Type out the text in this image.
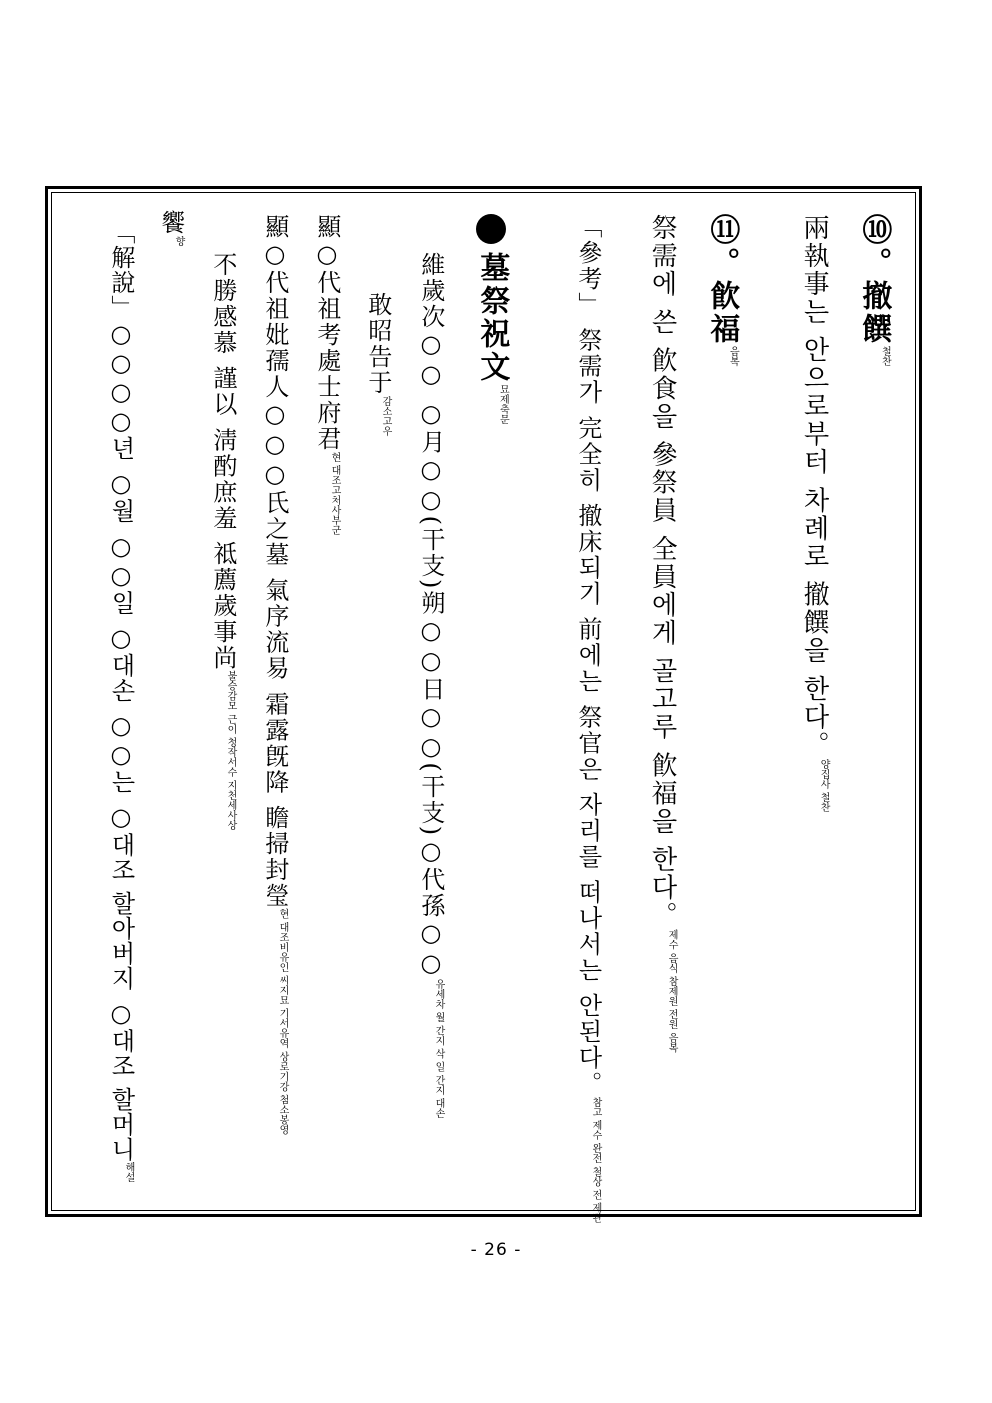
⑩。撤饌$^{철찬}$
兩執事는 안으로부터 차례로 撤饌을 한다。$^{양집사 철찬}$
⑪。飮福$^{음복}$
祭需에 쓴 飮食을 參祭員 全員에게 골고루 飮福을 한다。$^{제수 음식 참제원 전원 음복}$
「參考」 祭需가 完全히 撤床되기 前에는 祭官은 자리를 떠나서는 안된다。$^{참고 제수 완전 철상 전 제관}$
墓祭祝文$^{묘제축문}$
維歲次○○ ○月○○(干支)朔○○日○○(干支)○代孫○○$^{유세차 월 간지 삭 일 간지 대손}$
敢昭告于$^{감소고우}$
顯○代祖考處士府君$^{현 대조고처사부군}$
顯○代祖妣孺人○○○氏之墓 氣序流易 霜露旣降 瞻掃封瑩$^{현 대조비유인 씨지묘 기서유역 상로기강 첨소봉영}$
不勝感慕 謹以 淸酌庶羞 祗薦歲事尚$^{불승감모 근이 청작서수 지천세사상}$
饗$^향$
「解說」○○○○년 ○월 ○○일 ○대손 ○○는 ○대조 할아버지 ○대조 할머니$^{해설}$
- 26 -
